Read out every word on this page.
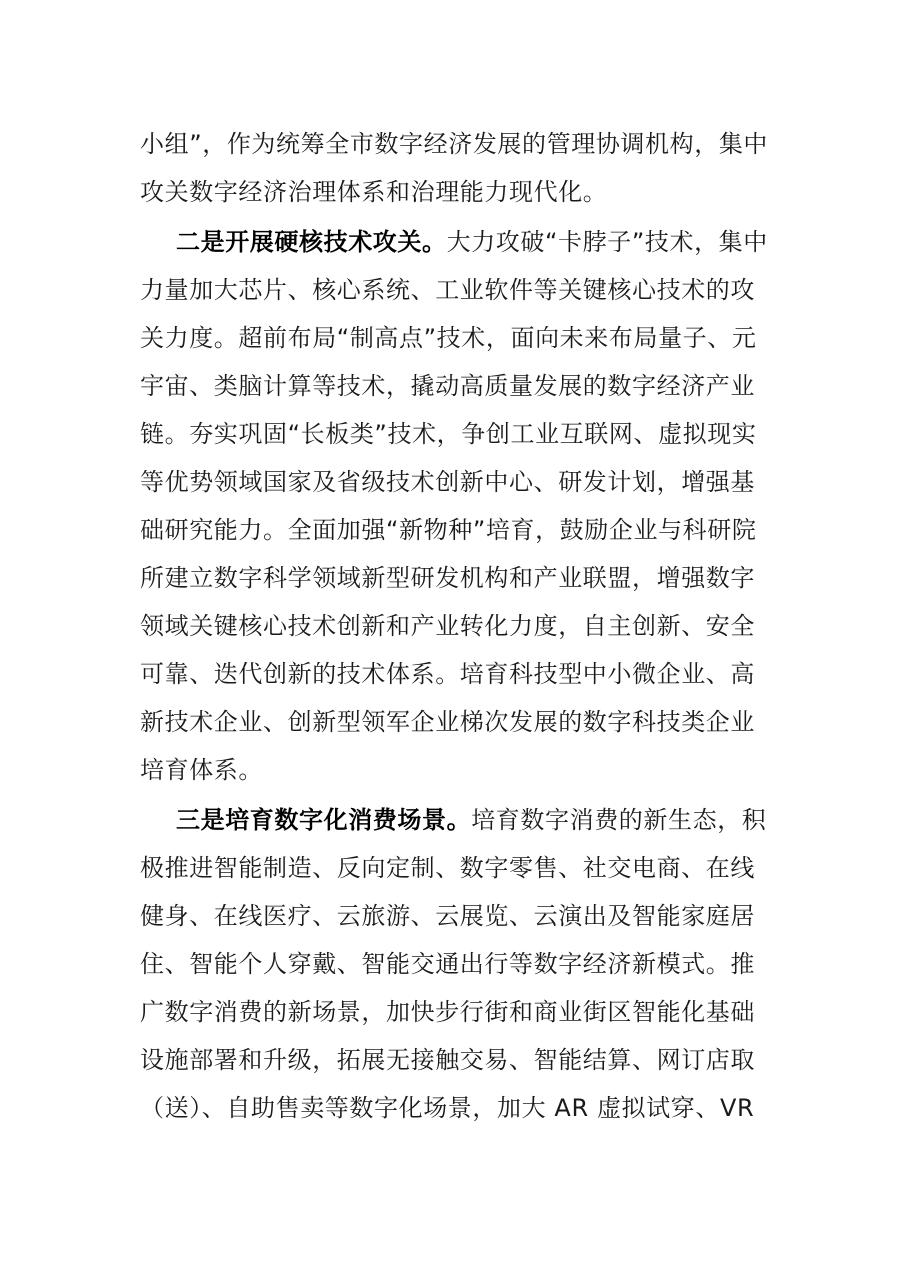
小组”，作为统筹全市数字经济发展的管理协调机构，集中
攻关数字经济治理体系和治理能力现代化。
二是开展硬核技术攻关。大力攻破“卡脖子”技术，集中
力量加大芯片、核心系统、工业软件等关键核心技术的攻
关力度。超前布局“制高点”技术，面向未来布局量子、元
宇宙、类脑计算等技术，撬动高质量发展的数字经济产业
链。夯实巩固“长板类”技术，争创工业互联网、虚拟现实
等优势领域国家及省级技术创新中心、研发计划，增强基
础研究能力。全面加强“新物种”培育，鼓励企业与科研院
所建立数字科学领域新型研发机构和产业联盟，增强数字
领域关键核心技术创新和产业转化力度，自主创新、安全
可靠、迭代创新的技术体系。培育科技型中小微企业、高
新技术企业、创新型领军企业梯次发展的数字科技类企业
培育体系。
三是培育数字化消费场景。培育数字消费的新生态，积
极推进智能制造、反向定制、数字零售、社交电商、在线
健身、在线医疗、云旅游、云展览、云演出及智能家庭居
住、智能个人穿戴、智能交通出行等数字经济新模式。推
广数字消费的新场景，加快步行街和商业街区智能化基础
设施部署和升级，拓展无接触交易、智能结算、网订店取
（送）、自助售卖等数字化场景，加大 AR 虚拟试穿、VR
